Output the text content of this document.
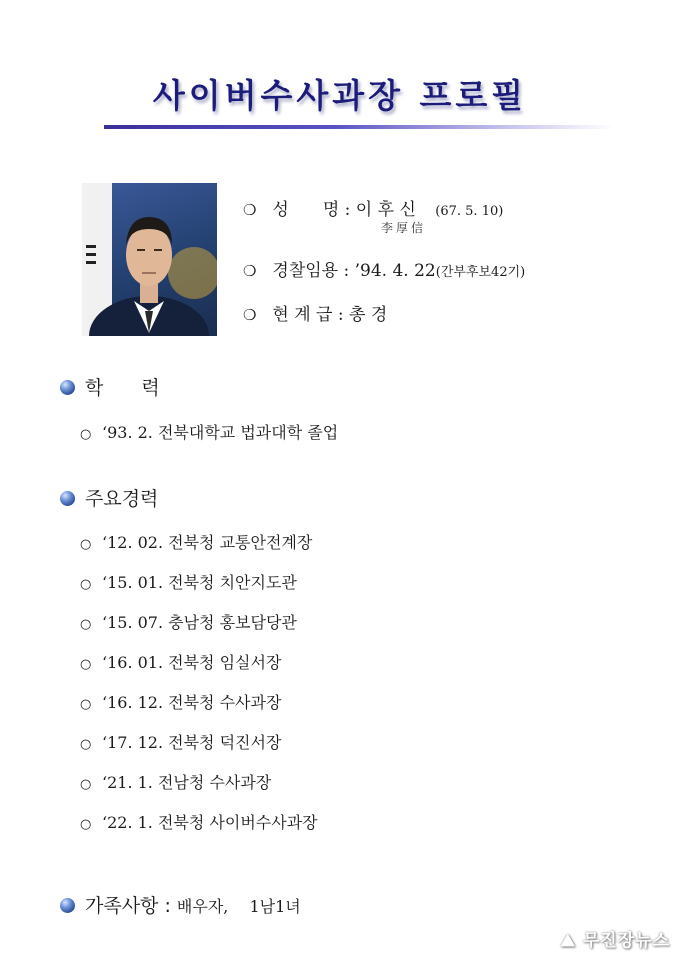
사이버수사과장 프로필
❍ 성　　명 : 이 후 신 (67. 5. 10)
李厚信
❍ 경찰임용 : ’94. 4. 22(간부후보42기)
❍ 현 계 급 : 총 경
학　　력
○ ‘93. 2. 전북대학교 법과대학 졸업
주요경력
○ ‘12. 02. 전북청 교통안전계장
○ ‘15. 01. 전북청 치안지도관
○ ‘15. 07. 충남청 홍보담당관
○ ‘16. 01. 전북청 임실서장
○ ‘16. 12. 전북청 수사과장
○ ‘17. 12. 전북청 덕진서장
○ ‘21. 1. 전남청 수사과장
○ ‘22. 1. 전북청 사이버수사과장
가족사항 : 배우자,　 1남1녀
⛰ 무진장뉴스
